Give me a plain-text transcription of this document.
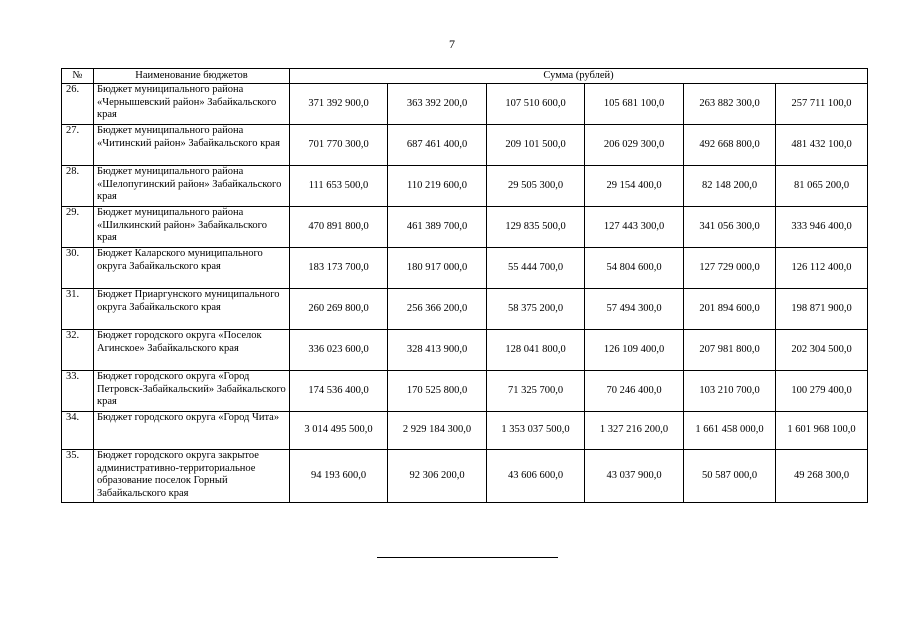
7
№	Наименование бюджетов	Сумма (рублей)					
26.	Бюджет муниципального района «Чернышевский район» Забайкальского края	371 392 900,0	363 392 200,0	107 510 600,0	105 681 100,0	263 882 300,0	257 711 100,0
27.	Бюджет муниципального района «Читинский район» Забайкальского края	701 770 300,0	687 461 400,0	209 101 500,0	206 029 300,0	492 668 800,0	481 432 100,0
28.	Бюджет муниципального района «Шелопугинский район» Забайкальского края	111 653 500,0	110 219 600,0	29 505 300,0	29 154 400,0	82 148 200,0	81 065 200,0
29.	Бюджет муниципального района «Шилкинский район» Забайкальского края	470 891 800,0	461 389 700,0	129 835 500,0	127 443 300,0	341 056 300,0	333 946 400,0
30.	Бюджет Каларского муниципального округа Забайкальского края	183 173 700,0	180 917 000,0	55 444 700,0	54 804 600,0	127 729 000,0	126 112 400,0
31.	Бюджет Приаргунского муниципального округа Забайкальского края	260 269 800,0	256 366 200,0	58 375 200,0	57 494 300,0	201 894 600,0	198 871 900,0
32.	Бюджет городского округа «Поселок Агинское» Забайкальского края	336 023 600,0	328 413 900,0	128 041 800,0	126 109 400,0	207 981 800,0	202 304 500,0
33.	Бюджет городского округа «Город Петровск-Забайкальский» Забайкальского края	174 536 400,0	170 525 800,0	71 325 700,0	70 246 400,0	103 210 700,0	100 279 400,0
34.	Бюджет городского округа «Город Чита»	3 014 495 500,0	2 929 184 300,0	1 353 037 500,0	1 327 216 200,0	1 661 458 000,0	1 601 968 100,0
35.	Бюджет городского округа закрытое административно-территориальное образование поселок Горный Забайкальского края	94 193 600,0	92 306 200,0	43 606 600,0	43 037 900,0	50 587 000,0	49 268 300,0
